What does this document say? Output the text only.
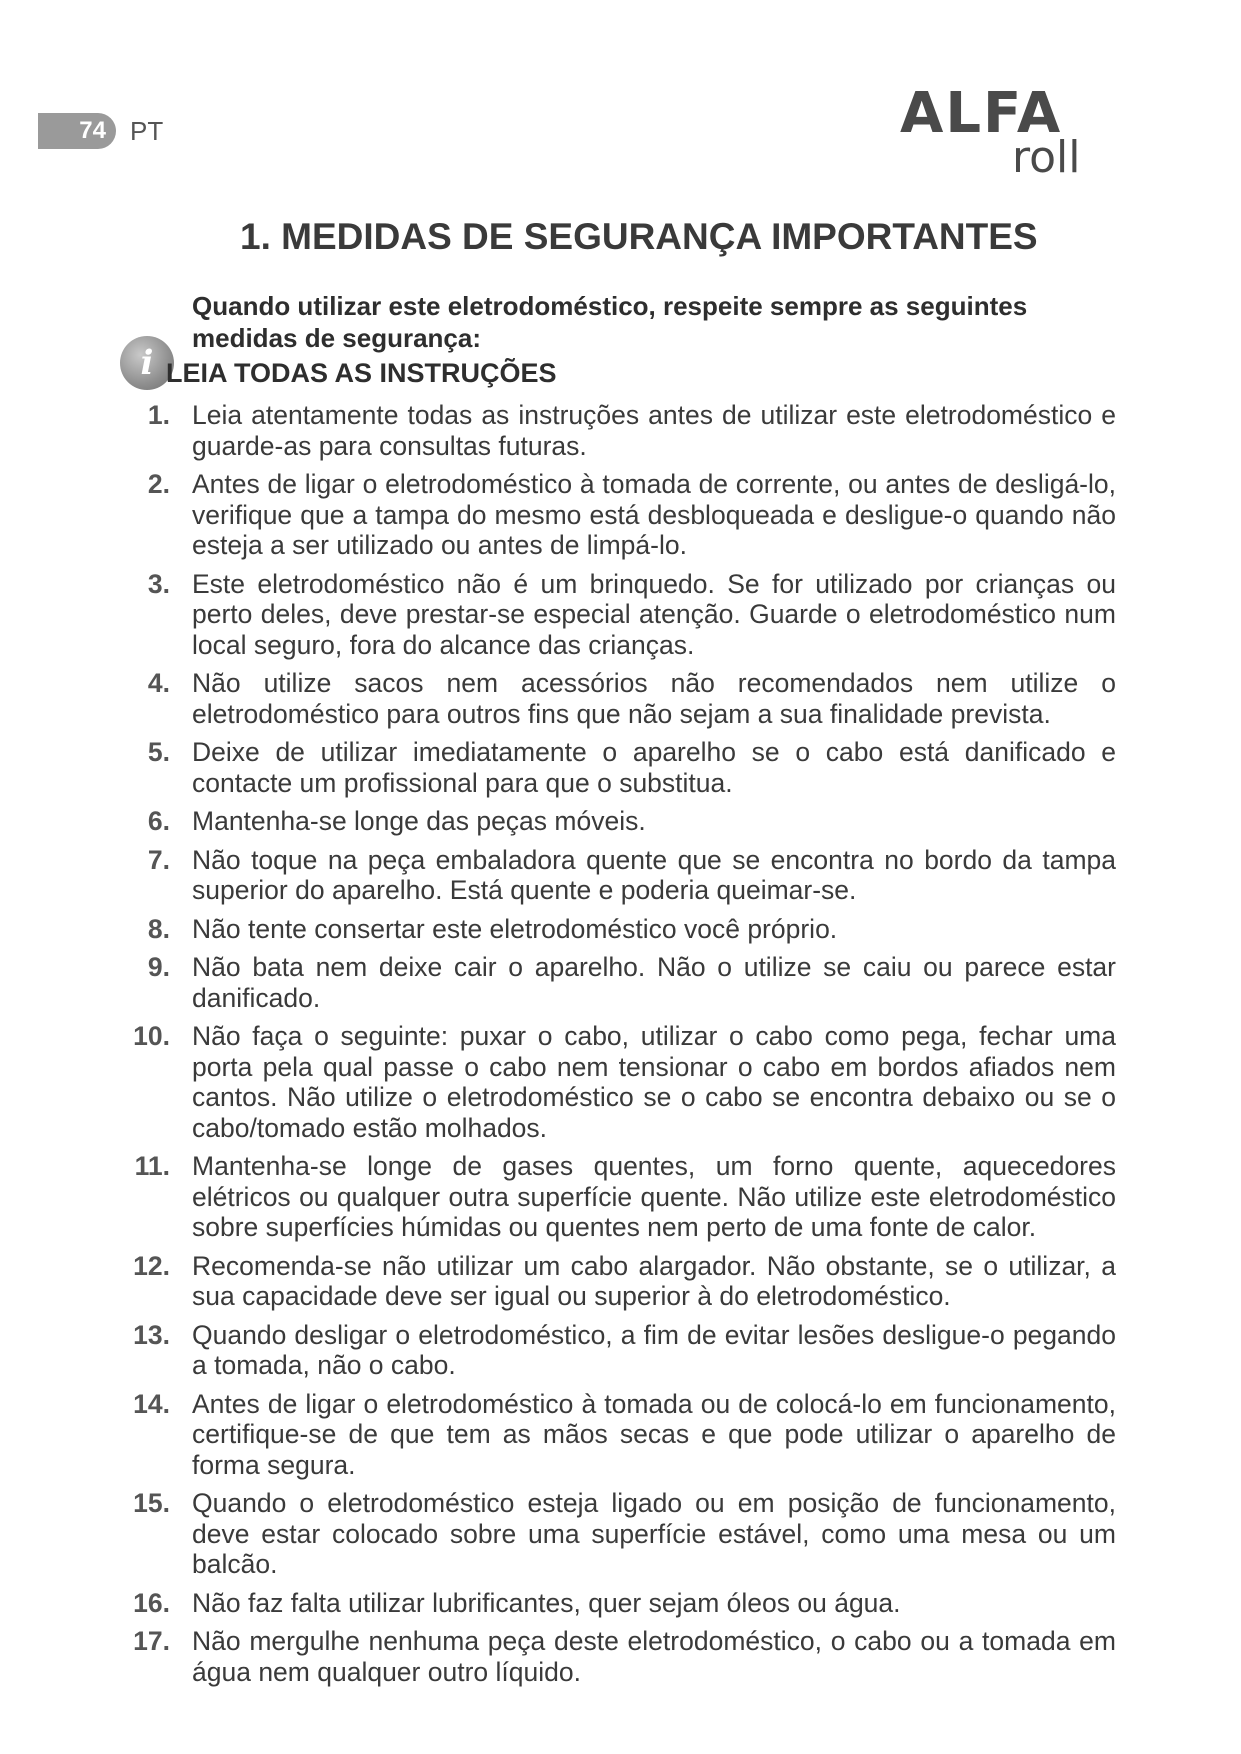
74 PT	ALFA
roll
1. MEDIDAS DE SEGURANÇA IMPORTANTES
Quando utilizar este eletrodoméstico, respeite sempre as seguintes medidas de segurança:
i LEIA TODAS AS INSTRUÇÕES
1. Leia atentamente todas as instruções antes de utilizar este eletrodoméstico e guarde-as para consultas futuras.
2. Antes de ligar o eletrodoméstico à tomada de corrente, ou antes de desligá-lo, verifique que a tampa do mesmo está desbloqueada e desligue-o quando não esteja a ser utilizado ou antes de limpá-lo.
3. Este eletrodoméstico não é um brinquedo. Se for utilizado por crianças ou perto deles, deve prestar-se especial atenção. Guarde o eletrodoméstico num local seguro, fora do alcance das crianças.
4. Não utilize sacos nem acessórios não recomendados nem utilize o eletrodoméstico para outros fins que não sejam a sua finalidade prevista.
5. Deixe de utilizar imediatamente o aparelho se o cabo está danificado e contacte um profissional para que o substitua.
6. Mantenha-se longe das peças móveis.
7. Não toque na peça embaladora quente que se encontra no bordo da tampa superior do aparelho. Está quente e poderia queimar-se.
8. Não tente consertar este eletrodoméstico você próprio.
9. Não bata nem deixe cair o aparelho. Não o utilize se caiu ou parece estar danificado.
10. Não faça o seguinte: puxar o cabo, utilizar o cabo como pega, fechar uma porta pela qual passe o cabo nem tensionar o cabo em bordos afiados nem cantos. Não utilize o eletrodoméstico se o cabo se encontra debaixo ou se o cabo/tomado estão molhados.
11. Mantenha-se longe de gases quentes, um forno quente, aquecedores elétricos ou qualquer outra superfície quente. Não utilize este eletrodoméstico sobre superfícies húmidas ou quentes nem perto de uma fonte de calor.
12. Recomenda-se não utilizar um cabo alargador. Não obstante, se o utilizar, a sua capacidade deve ser igual ou superior à do eletrodoméstico.
13. Quando desligar o eletrodoméstico, a fim de evitar lesões desligue-o pegando a tomada, não o cabo.
14. Antes de ligar o eletrodoméstico à tomada ou de colocá-lo em funcionamento, certifique-se de que tem as mãos secas e que pode utilizar o aparelho de forma segura.
15. Quando o eletrodoméstico esteja ligado ou em posição de funcionamento, deve estar colocado sobre uma superfície estável, como uma mesa ou um balcão.
16. Não faz falta utilizar lubrificantes, quer sejam óleos ou água.
17. Não mergulhe nenhuma peça deste eletrodoméstico, o cabo ou a tomada em água nem qualquer outro líquido.
